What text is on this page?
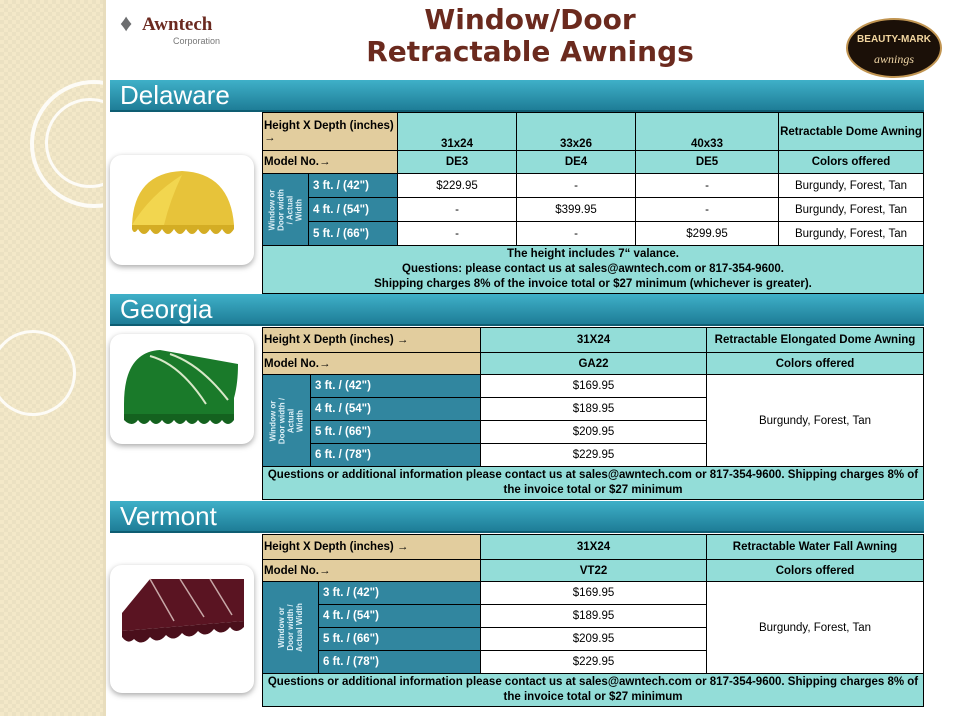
♦ Awntech
Corporation
Window/Door
Retractable Awnings	BEAUTY-MARK
awnings
Delaware
Height X Depth (inches) →		31x24	33x26	40x33	Retractable Dome Awning
Model No.→		DE3	DE4	DE5	Colors offered
Window or Door width / Actual Width	3 ft. / (42")	$229.95	-	-	Burgundy, Forest, Tan
	4 ft. / (54")	-	$399.95	-	Burgundy, Forest, Tan
	5 ft. / (66")	-	-	$299.95	Burgundy, Forest, Tan

The height includes 7“ valance.
Questions: please contact us at sales@awntech.com or 817-354-9600.
Shipping charges 8% of the invoice total or $27 minimum (whichever is greater).					
Georgia
Height X Depth (inches) →		31X24	Retractable Elongated Dome Awning
Model No.→		GA22	Colors offered
Window or Door width / Actual Width	3 ft. / (42")	$169.95	Burgundy, Forest, Tan
	4 ft. / (54")	$189.95	
	5 ft. / (66")	$209.95	
	6 ft. / (78")	$229.95	
Questions or additional information please contact us at sales@awntech.com or 817-354-9600. Shipping charges 8% of the invoice total or $27 minimum			
Vermont
Height X Depth (inches) →		31X24	Retractable Water Fall Awning
Model No.→		VT22	Colors offered
Window or Door width / Actual Width	3 ft. / (42")	$169.95	Burgundy, Forest, Tan
	4 ft. / (54")	$189.95	
	5 ft. / (66")	$209.95	
	6 ft. / (78")	$229.95	
Questions or additional information please contact us at sales@awntech.com or 817-354-9600. Shipping charges 8% of the invoice total or $27 minimum			
